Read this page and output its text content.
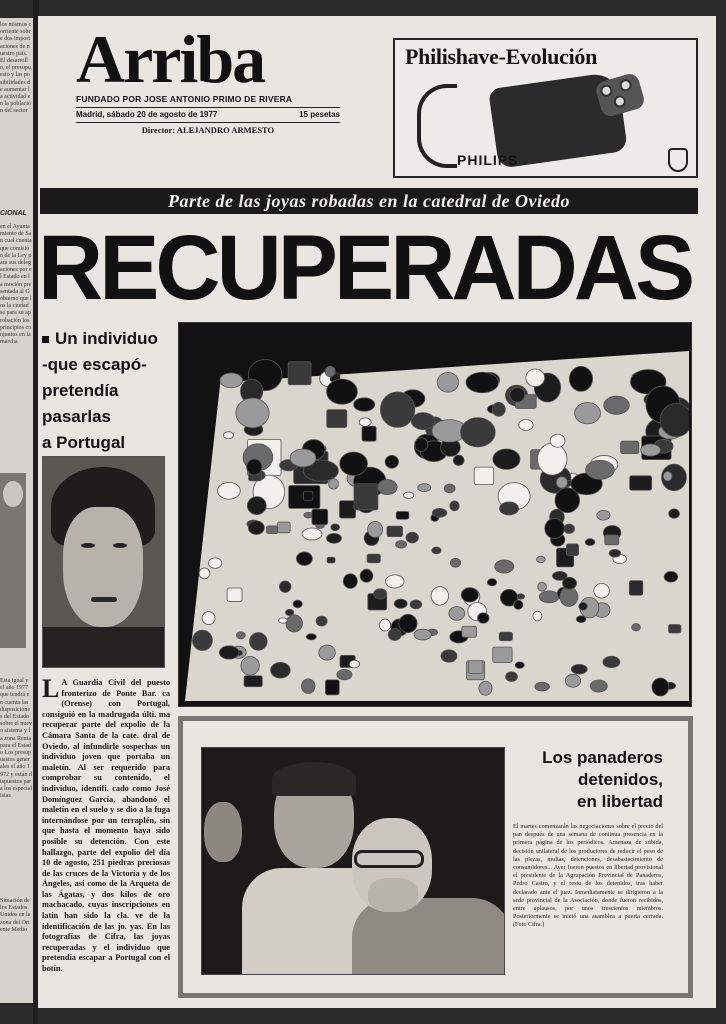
los mismos corriente sobre dos importaciones de nuestro país. El desarrollo, el presupuesto y las posibilidades de aumentar la actividad en la población del sector
CIONAL
en el Ayuntamiento de San cual cuenta que comisión de la Ley para sus delegaciones por el Estado en la moción presentada al Gobierno que los la ciudad se para su aprobación los principios conjuntos en la marcha
Esta igual y el año 1977 que tendrá en cuenta las disposiciones del Estado sobre el nuevo sistema y la zona Renta para el Estado Los presupuestos generales el año 1972 y están dispuestos para los especialistas
Situación de los Estados Unidos en la zona del Oriente Medio
Arriba
FUNDADO POR JOSE ANTONIO PRIMO DE RIVERA
Madrid, sábado 20 de agosto de 1977	15 pesetas
Director: ALEJANDRO ARMESTO
Philishave-Evolución
PHILIPS
Parte de las joyas robadas en la catedral de Oviedo
RECUPERADAS
Un individuo
-que escapó-
pretendía
pasarlas
a Portugal
L A Guardia Civil del puesto fronterizo de Ponte Bar. ca (Orense) con Portugal, consiguió en la madrugada últi. ma recuperar parte del expolio de la Cámara Santa de la cate. dral de Oviedo, al infundirle sospechas un individuo joven que portaba un maletín. Al ser requerido para comprobar su contenido, el individuo, identifi. cado como José Domínguez García, abandonó el maletín en el suelo y se dio a la fuga internándose por un terraplén, sin que hasta el momento haya sido posible su detención. Con este hallazgo, parte del expolio del día 10 de agosto, 251 piedras preciosas de las cruces de la Victoria y de los Ángeles, así como de la Arqueta de las Ágatas, y dos kilos de oro machacado, cuyas inscripciones en latín han sido la cla. ve de la identificación de las jo. yas. En las fotografías de Cifra, las joyas recuperadas y el individuo que pretendía escapar a Portugal con el botín.
Los panaderos
detenidos,
en libertad
El martes comenzarán las negociaciones sobre el precio del pan después de una semana de continua presencia en la primera página de los periódicos. Amenaza de subida, decisión unilateral de los productores de reducir el peso de las piezas, multas, detenciones, desabastecimiento de consumidores... Ayer fueron puestos en libertad provisional el presidente de la Agrupación Provincial de Panaderos, Pedro Castro, y el resto de los detenidos, tras haber declarado ante el juez. Inmediatamente se dirigieron a la sede provincial de la Asociación, donde fueron recibidos, entre aplausos, por unos trescientos miembros. Posteriormente se inició una asamblea a puerta cerrada. (Foto Cifra.)
